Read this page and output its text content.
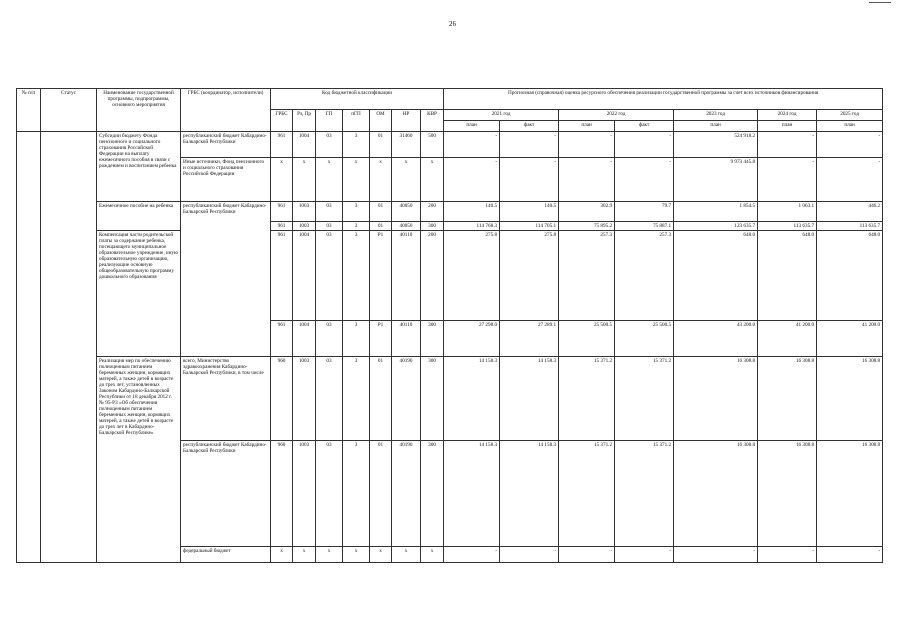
26
№ п/п	Статус	Наименование государственной программы, подпрограммы, основного мероприятия	ГРБС (координатор, исполнители)	Код бюджетной классификации							Прогнозная (справочная) оценка ресурсного обеспечения реализации государственной программы за счет всех источников финансирования						
				ГРБС	Рз, Пр	ГП	пГП	ОМ	НР	КВР	2021 год		2022 год		2023 год	2024 год	2025 год
											план	факт	план	факт	план	план	план
		Субсидии бюджету Фонда пенсионного и социального страхования Российской Федерации на выплату ежемесячного пособия в связи с рождением и воспитанием ребенка	республиканский бюджет Кабардино-Балкарской Республики	961	1004	03	3	01	31460	500	-	-	-	-	524 918.2	-	-
			Иные источники, Фонд пенсионного и социального страхования Российской Федерации	x	x	x	x	x	x	x	-	-	-	-	9 973 445.8	-	-
		Ежемесячное пособие на ребенка	республиканский бюджет Кабардино-Балкарской Республики	961	1003	03	3	01	40050	200	140.5	140.5	302.9	79.7	1 854.5	1 063.1	446.2
				961	1003	03	3	01	40050	300	114 768.3	114 705.1	75 895.2	75 887.1	123 635.7	113 635.7	113 635.7
		Компенсация части родительской платы за содержание ребенка, посещающего муниципальное образовательное учреждение, иную образовательную организацию, реализующие основную общеобразовательную программу дошкольного образования		961	1004	03	3	Р1	40110	200	275.8	275.8	257.3	257.3	648.0	648.0	648.0
				961	1004	03	3	Р1	40110	300	27 298.0	27 289.1	25 500.5	25 500.5	43 200.0	41 200.0	41 200.0
		Реализация мер по обеспечению полноценным питанием беременных женщин, кормящих матерей, а также детей в возрасте до трех лет, установленных Законом Кабардино-Балкарской Республики от 18 декабря 2012 г. № 95-РЗ «Об обеспечении полноценным питанием беременных женщин, кормящих матерей, а также детей в возрасте до трех лет в Кабардино-Балкарской Республике»	всего, Министерство здравоохранения Кабардино-Балкарской Республики, в том числе	960	1003	03	3	01	40190	300	14 158.3	14 158.3	15 371.2	15 371.2	16 308.8	16 308.8	16 308.8
			республиканский бюджет Кабардино-Балкарской Республики	960	1003	03	3	01	40190	300	14 158.3	14 158.3	15 371.2	15 371.2	16 308.8	16 308.8	16 308.8
			федеральный бюджет	x	x	x	x	x	x	x	-	-	-	-	-	-	-
